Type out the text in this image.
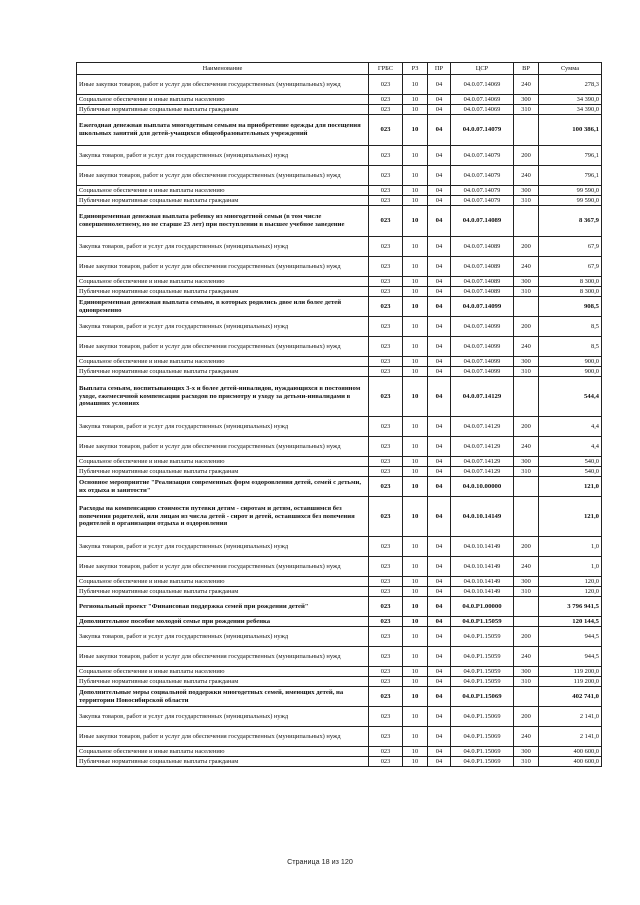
Наименование	ГРБС	РЗ	ПР	ЦСР	ВР	Сумма
Иные закупки товаров, работ и услуг для обеспечения государственных (муниципальных) нужд	023	10	04	04.0.07.14069	240	278,3
Социальное обеспечение и иные выплаты населению	023	10	04	04.0.07.14069	300	34 390,0
Публичные нормативные социальные выплаты гражданам	023	10	04	04.0.07.14069	310	34 390,0
Ежегодная денежная выплата многодетным семьям на приобретение одежды для посещения школьных занятий для детей-учащихся общеобразовательных учреждений	023	10	04	04.0.07.14079		100 386,1
Закупка товаров, работ и услуг для государственных (муниципальных) нужд	023	10	04	04.0.07.14079	200	796,1
Иные закупки товаров, работ и услуг для обеспечения государственных (муниципальных) нужд	023	10	04	04.0.07.14079	240	796,1
Социальное обеспечение и иные выплаты населению	023	10	04	04.0.07.14079	300	99 590,0
Публичные нормативные социальные выплаты гражданам	023	10	04	04.0.07.14079	310	99 590,0
Единовременная денежная выплата ребенку из многодетной семьи (в том числе совершеннолетнему, но не старше 23 лет) при поступлении в высшее учебное заведение	023	10	04	04.0.07.14089		8 367,9
Закупка товаров, работ и услуг для государственных (муниципальных) нужд	023	10	04	04.0.07.14089	200	67,9
Иные закупки товаров, работ и услуг для обеспечения государственных (муниципальных) нужд	023	10	04	04.0.07.14089	240	67,9
Социальное обеспечение и иные выплаты населению	023	10	04	04.0.07.14089	300	8 300,0
Публичные нормативные социальные выплаты гражданам	023	10	04	04.0.07.14089	310	8 300,0
Единовременная денежная выплата семьям, в которых родились двое или более детей одновременно	023	10	04	04.0.07.14099		908,5
Закупка товаров, работ и услуг для государственных (муниципальных) нужд	023	10	04	04.0.07.14099	200	8,5
Иные закупки товаров, работ и услуг для обеспечения государственных (муниципальных) нужд	023	10	04	04.0.07.14099	240	8,5
Социальное обеспечение и иные выплаты населению	023	10	04	04.0.07.14099	300	900,0
Публичные нормативные социальные выплаты гражданам	023	10	04	04.0.07.14099	310	900,0
Выплата семьям, воспитывающих 3-х и более детей-инвалидов, нуждающихся в постоянном уходе, ежемесячной компенсации расходов по присмотру и уходу за детьми-инвалидами в домашних условиях	023	10	04	04.0.07.14129		544,4
Закупка товаров, работ и услуг для государственных (муниципальных) нужд	023	10	04	04.0.07.14129	200	4,4
Иные закупки товаров, работ и услуг для обеспечения государственных (муниципальных) нужд	023	10	04	04.0.07.14129	240	4,4
Социальное обеспечение и иные выплаты населению	023	10	04	04.0.07.14129	300	540,0
Публичные нормативные социальные выплаты гражданам	023	10	04	04.0.07.14129	310	540,0
Основное мероприятие "Реализация современных форм оздоровления детей, семей с детьми, их отдыха и занятости"	023	10	04	04.0.10.00000		121,0
Расходы на компенсацию стоимости путевки детям - сиротам и детям, оставшимся без попечения родителей, или лицам из числа детей - сирот и детей, оставшихся без попечения родителей в организации отдыха и оздоровления	023	10	04	04.0.10.14149		121,0
Закупка товаров, работ и услуг для государственных (муниципальных) нужд	023	10	04	04.0.10.14149	200	1,0
Иные закупки товаров, работ и услуг для обеспечения государственных (муниципальных) нужд	023	10	04	04.0.10.14149	240	1,0
Социальное обеспечение и иные выплаты населению	023	10	04	04.0.10.14149	300	120,0
Публичные нормативные социальные выплаты гражданам	023	10	04	04.0.10.14149	310	120,0
Региональный проект "Финансовая поддержка семей при рождении детей"	023	10	04	04.0.P1.00000		3 796 941,5
Дополнительное пособие молодой семье при рождении ребенка	023	10	04	04.0.P1.15059		120 144,5
Закупка товаров, работ и услуг для государственных (муниципальных) нужд	023	10	04	04.0.P1.15059	200	944,5
Иные закупки товаров, работ и услуг для обеспечения государственных (муниципальных) нужд	023	10	04	04.0.P1.15059	240	944,5
Социальное обеспечение и иные выплаты населению	023	10	04	04.0.P1.15059	300	119 200,0
Публичные нормативные социальные выплаты гражданам	023	10	04	04.0.P1.15059	310	119 200,0
Дополнительные меры социальной поддержки многодетных семей, имеющих детей, на территории Новосибирской области	023	10	04	04.0.P1.15069		402 741,0
Закупка товаров, работ и услуг для государственных (муниципальных) нужд	023	10	04	04.0.P1.15069	200	2 141,0
Иные закупки товаров, работ и услуг для обеспечения государственных (муниципальных) нужд	023	10	04	04.0.P1.15069	240	2 141,0
Социальное обеспечение и иные выплаты населению	023	10	04	04.0.P1.15069	300	400 600,0
Публичные нормативные социальные выплаты гражданам	023	10	04	04.0.P1.15069	310	400 600,0
Страница 18 из 120
